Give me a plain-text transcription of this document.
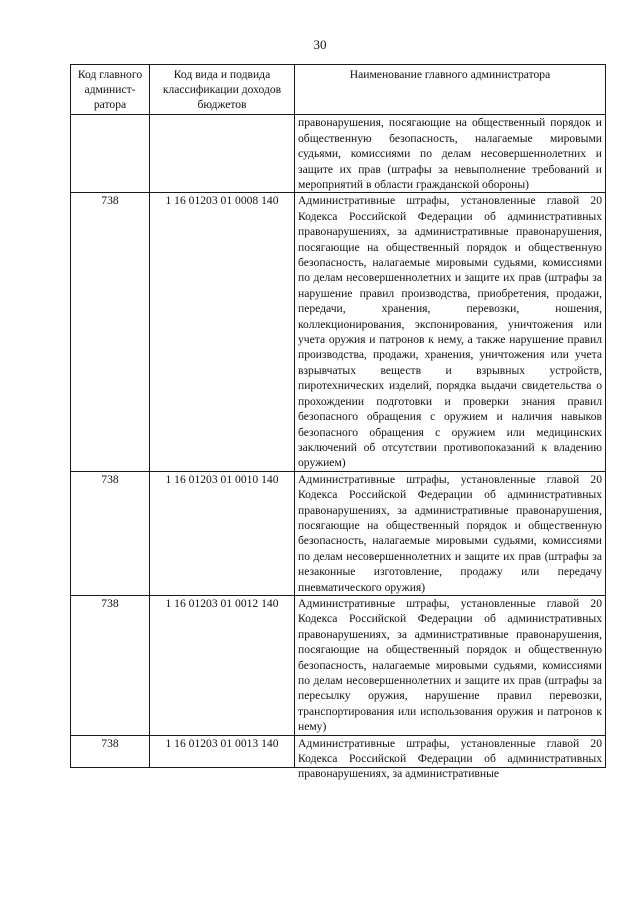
30
Код главного админист-ратора	Код вида и подвида классификации доходов бюджетов	Наименование главного администратора
		правонарушения, посягающие на общественный порядок и общественную безопасность, налагаемые мировыми судьями, комиссиями по делам несовершеннолетних и защите их прав (штрафы за невыполнение требований и мероприятий в области гражданской обороны)
738	1 16 01203 01 0008 140	Административные штрафы, установленные главой 20 Кодекса Российской Федерации об административных правонарушениях, за административные правонарушения, посягающие на общественный порядок и общественную безопасность, налагаемые мировыми судьями, комиссиями по делам несовершеннолетних и защите их прав (штрафы за нарушение правил производства, приобретения, продажи, передачи, хранения, перевозки, ношения, коллекционирования, экспонирования, уничтожения или учета оружия и патронов к нему, а также нарушение правил производства, продажи, хранения, уничтожения или учета взрывчатых веществ и взрывных устройств, пиротехнических изделий, порядка выдачи свидетельства о прохождении подготовки и проверки знания правил безопасного обращения с оружием и наличия навыков безопасного обращения с оружием или медицинских заключений об отсутствии противопоказаний к владению оружием)
738	1 16 01203 01 0010 140	Административные штрафы, установленные главой 20 Кодекса Российской Федерации об административных правонарушениях, за административные правонарушения, посягающие на общественный порядок и общественную безопасность, налагаемые мировыми судьями, комиссиями по делам несовершеннолетних и защите их прав (штрафы за незаконные изготовление, продажу или передачу пневматического оружия)
738	1 16 01203 01 0012 140	Административные штрафы, установленные главой 20 Кодекса Российской Федерации об административных правонарушениях, за административные правонарушения, посягающие на общественный порядок и общественную безопасность, налагаемые мировыми судьями, комиссиями по делам несовершеннолетних и защите их прав (штрафы за пересылку оружия, нарушение правил перевозки, транспортирования или использования оружия и патронов к нему)
738	1 16 01203 01 0013 140	Административные штрафы, установленные главой 20 Кодекса Российской Федерации об административных правонарушениях, за административные
